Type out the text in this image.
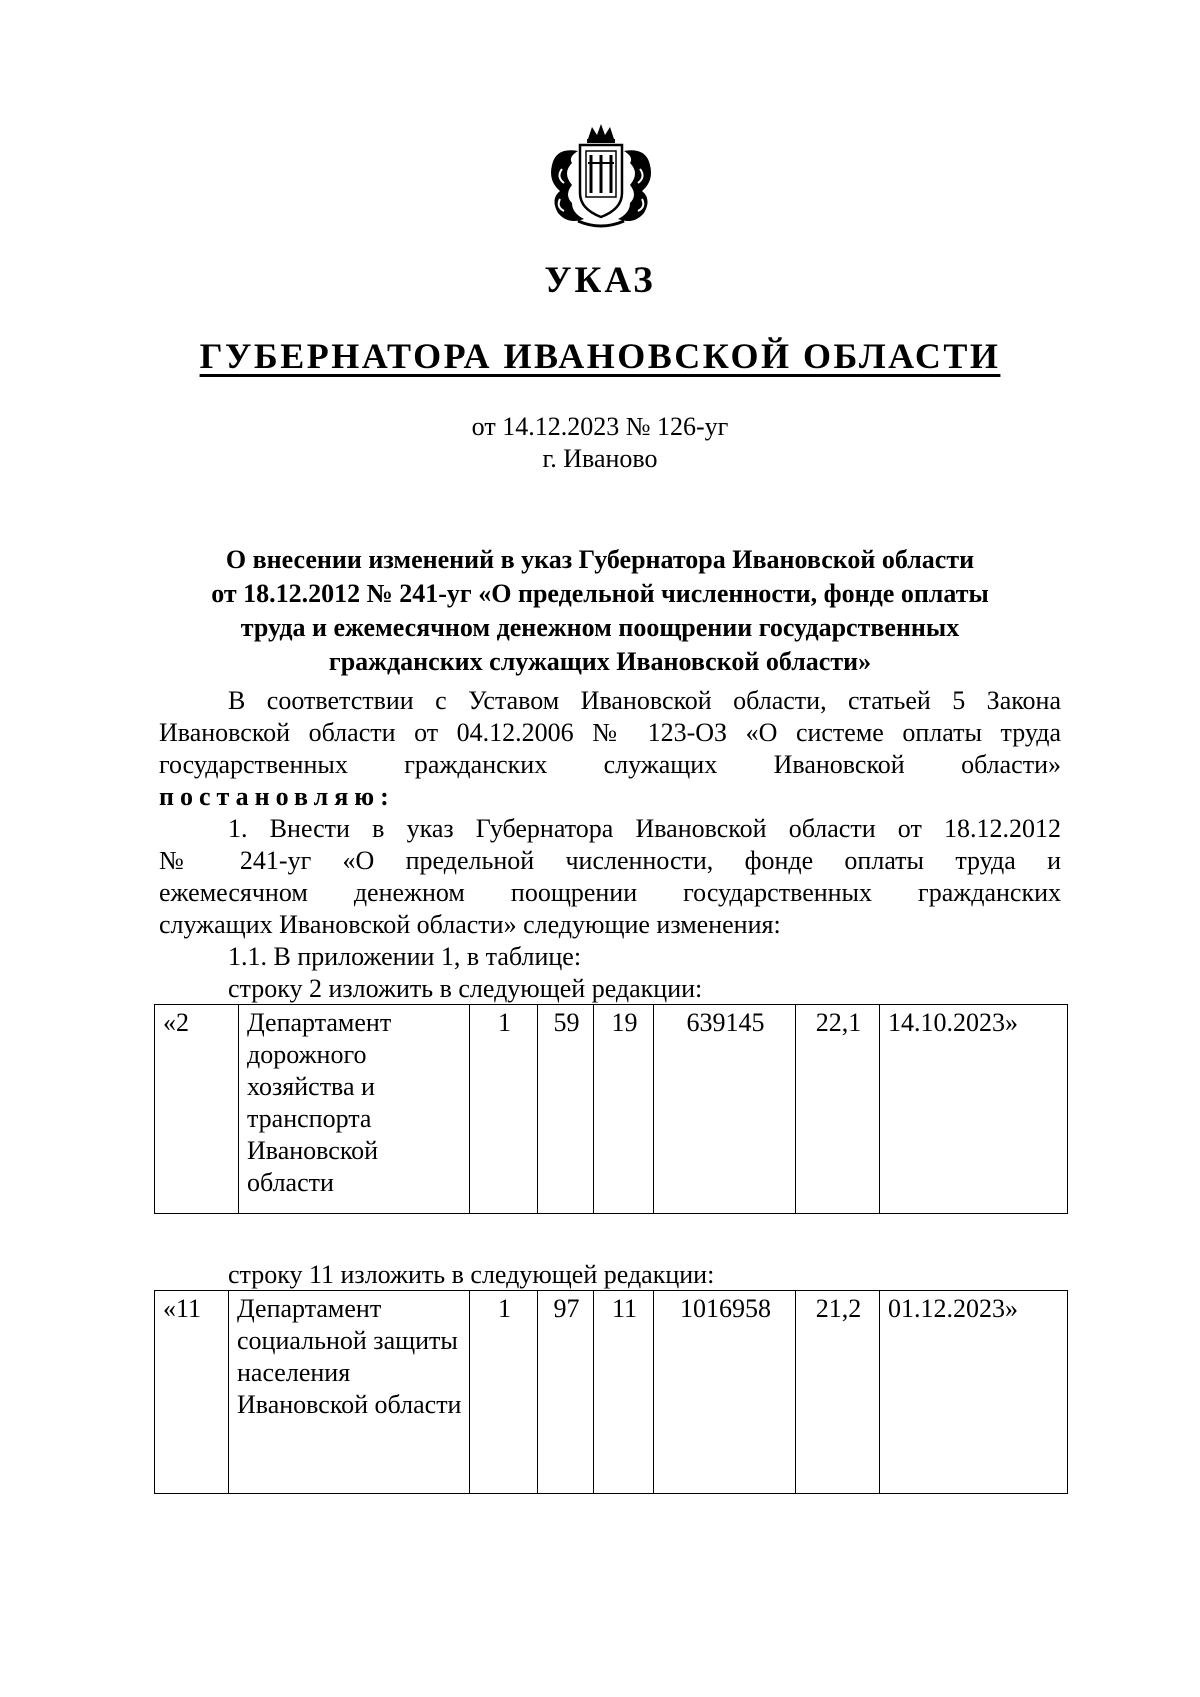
УКАЗ
ГУБЕРНАТОРА ИВАНОВСКОЙ ОБЛАСТИ
от 14.12.2023 № 126-уг
г. Иваново
О внесении изменений в указ Губернатора Ивановской области
от 18.12.2012 № 241-уг «О предельной численности, фонде оплаты
труда и ежемесячном денежном поощрении государственных
гражданских служащих Ивановской области»
В соответствии с Уставом Ивановской области, статьей 5 Закона
Ивановской области от 04.12.2006 № 123-ОЗ «О системе оплаты труда
государственных гражданских служащих Ивановской области»
постановляю:
1. Внести в указ Губернатора Ивановской области от 18.12.2012
№ 241-уг «О предельной численности, фонде оплаты труда и
ежемесячном денежном поощрении государственных гражданских
служащих Ивановской области» следующие изменения:
1.1. В приложении 1, в таблице:
строку 2 изложить в следующей редакции:
«2	Департамент дорожного хозяйства и транспорта Ивановской области	1	59	19	639145	22,1	14.10.2023»
строку 11 изложить в следующей редакции:
«11	Департамент социальной защиты населения Ивановской области	1	97	11	1016958	21,2	01.12.2023»
